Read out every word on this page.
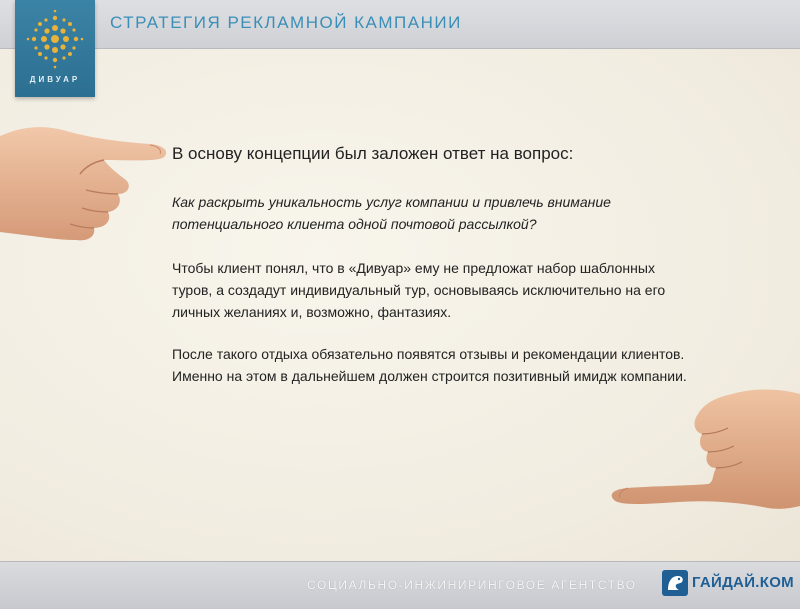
ДИВУАР
СТРАТЕГИЯ РЕКЛАМНОЙ КАМПАНИИ

В основу концепции был заложен ответ на вопрос:

Как раскрыть уникальность услуг компании и привлечь внимание потенциального клиента одной почтовой рассылкой?

Чтобы клиент понял, что в «Дивуар» ему не предложат набор шаблонных туров, а создадут индивидуальный тур, основываясь исключительно на его личных желаниях и, возможно, фантазиях.

После такого отдыха обязательно появятся отзывы и рекомендации клиентов. Именно на этом в дальнейшем должен строится позитивный имидж компании.

СОЦИАЛЬНО-ИНЖИНИРИНГОВОЕ АГЕНТСТВО	ГАЙДАЙ.КОМ
